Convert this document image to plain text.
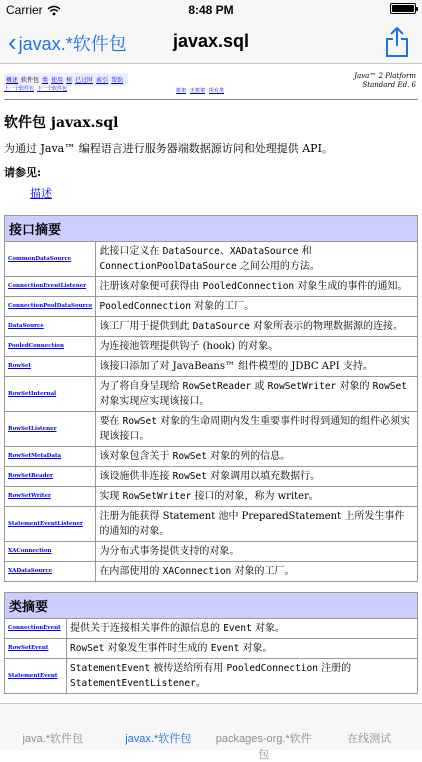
Carrier	8:48 PM
‹ javax.*软件包	javax.sql
概述 软件包 类 使用 树 已过时 索引 帮助
上一个软件包 下一个软件包	框架 无框架 所有类
Java™ 2 Platform
Standard Ed. 6
软件包 javax.sql
为通过 Java™ 编程语言进行服务器端数据源访问和处理提供 API。
请参见:
描述
接口摘要	
CommonDataSource	此接口定义在 DataSource、XADataSource 和 ConnectionPoolDataSource 之间公用的方法。
ConnectionEventListener	注册该对象便可获得由 PooledConnection 对象生成的事件的通知。
ConnectionPoolDataSource	PooledConnection 对象的工厂。
DataSource	该工厂用于提供到此 DataSource 对象所表示的物理数据源的连接。
PooledConnection	为连接池管理提供钩子 (hook) 的对象。
RowSet	该接口添加了对 JavaBeans™ 组件模型的 JDBC API 支持。
RowSetInternal	为了将自身呈现给 RowSetReader 或 RowSetWriter 对象的 RowSet 对象实现应实现该接口。
RowSetListener	要在 RowSet 对象的生命周期内发生重要事件时得到通知的组件必须实现该接口。
RowSetMetaData	该对象包含关于 RowSet 对象的列的信息。
RowSetReader	该设施供非连接 RowSet 对象调用以填充数据行。
RowSetWriter	实现 RowSetWriter 接口的对象，称为 writer。
StatementEventListener	注册为能获得 Statement 池中 PreparedStatement 上所发生事件的通知的对象。
XAConnection	为分布式事务提供支持的对象。
XADataSource	在内部使用的 XAConnection 对象的工厂。
类摘要	
ConnectionEvent	提供关于连接相关事件的源信息的 Event 对象。
RowSetEvent	RowSet 对象发生事件时生成的 Event 对象。
StatementEvent	StatementEvent 被传送给所有用 PooledConnection 注册的 StatementEventListener。
java.*软件包	javax.*软件包	packages-org.*软件包
在线测试
